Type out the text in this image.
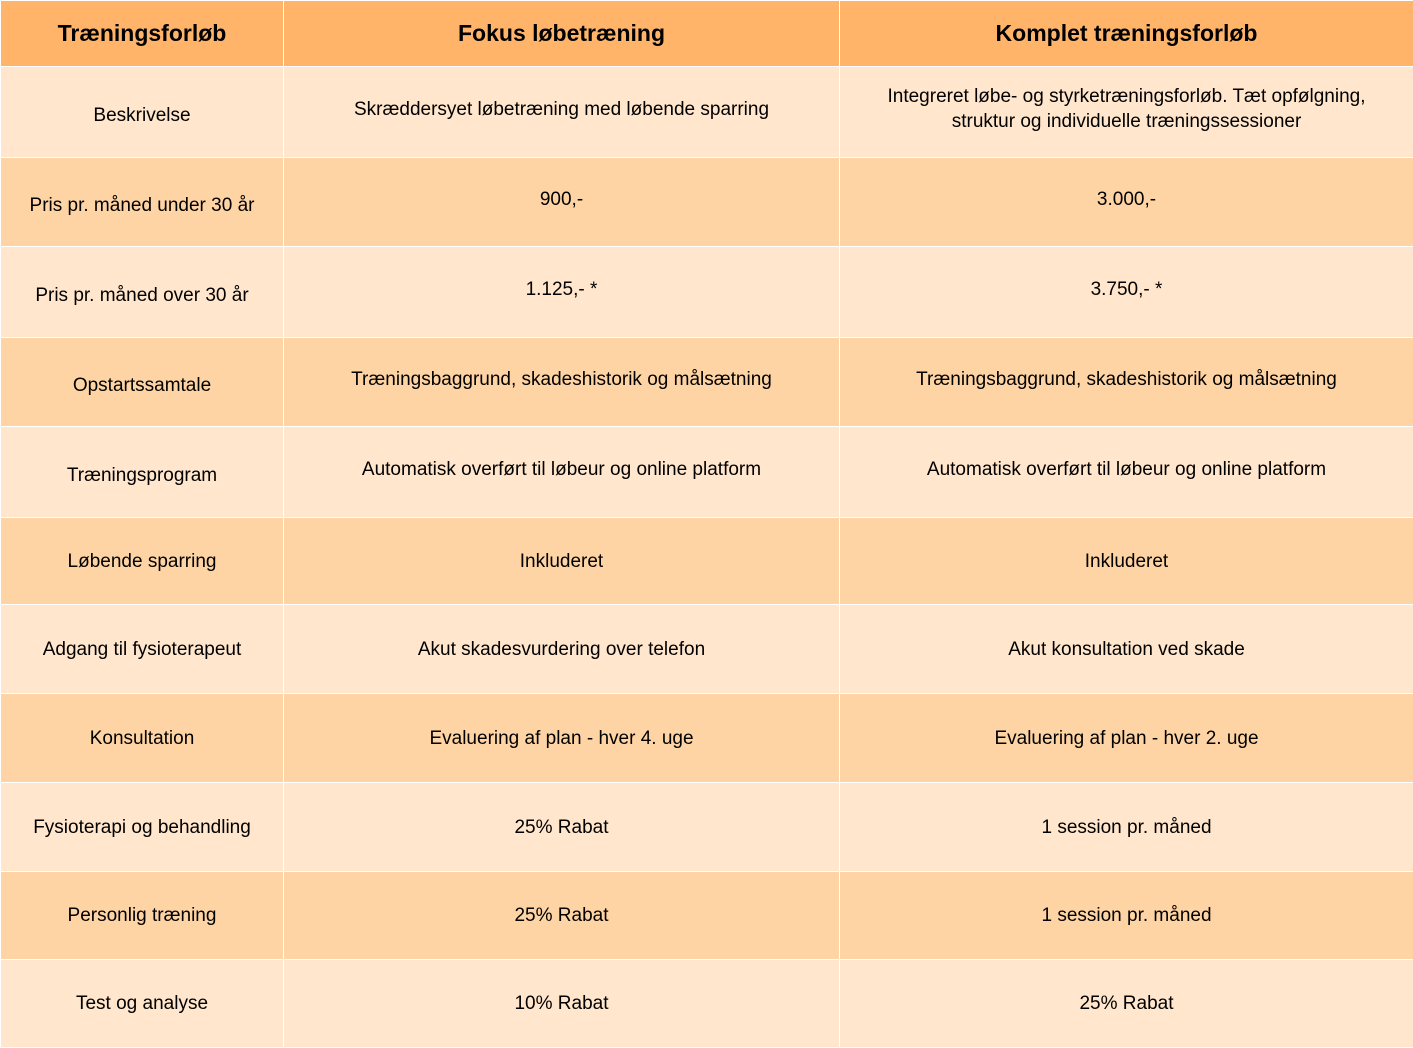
Træningsforløb	Fokus løbetræning	Komplet træningsforløb
Beskrivelse	Skræddersyet løbetræning med løbende sparring	Integreret løbe- og styrketræningsforløb. Tæt opfølgning, struktur og individuelle træningssessioner
Pris pr. måned under 30 år	900,-	3.000,-
Pris pr. måned over 30 år	1.125,- *	3.750,- *
Opstartssamtale	Træningsbaggrund, skadeshistorik og målsætning	Træningsbaggrund, skadeshistorik og målsætning
Træningsprogram	Automatisk overført til løbeur og online platform	Automatisk overført til løbeur og online platform
Løbende sparring	Inkluderet	Inkluderet
Adgang til fysioterapeut	Akut skadesvurdering over telefon	Akut konsultation ved skade
Konsultation	Evaluering af plan - hver 4. uge	Evaluering af plan - hver 2. uge
Fysioterapi og behandling	25% Rabat	1 session pr. måned
Personlig træning	25% Rabat	1 session pr. måned
Test og analyse	10% Rabat	25% Rabat
